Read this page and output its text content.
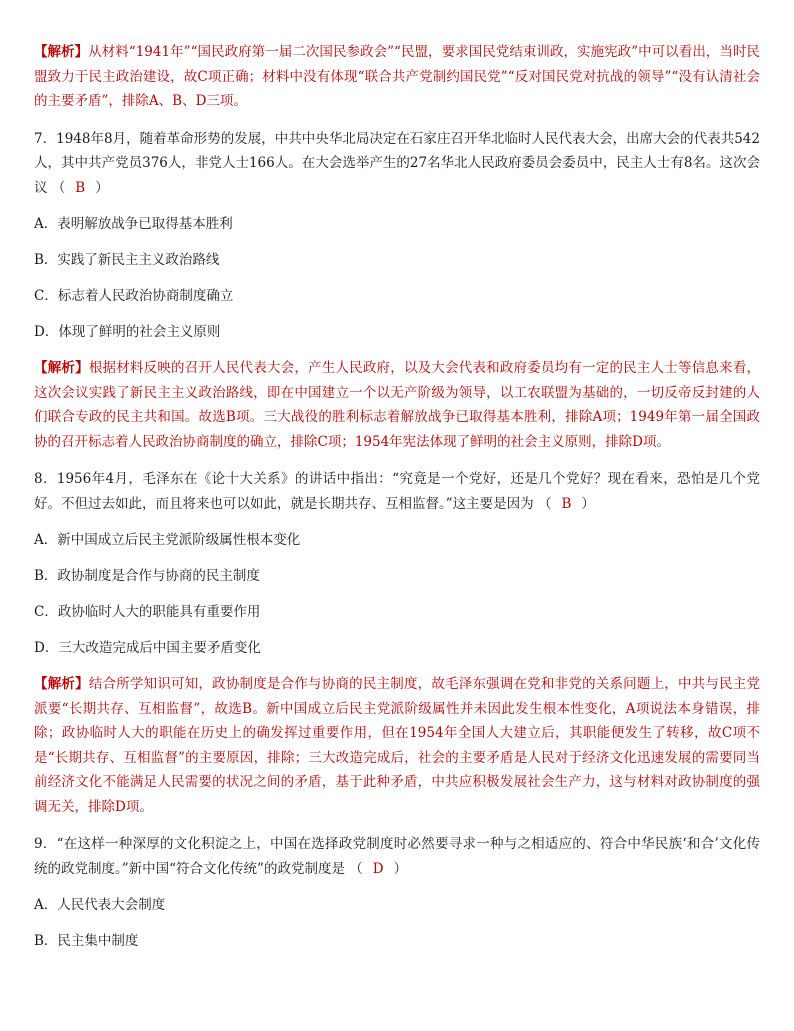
【解析】从材料“1941年”“国民政府第一届二次国民参政会”“民盟，要求国民党结束训政，实施宪政”中可以看出，当时民盟致力于民主政治建设，故C项正确；材料中没有体现“联合共产党制约国民党”“反对国民党对抗战的领导”“没有认清社会的主要矛盾”，排除A、B、D三项。

7．1948年8月，随着革命形势的发展，中共中央华北局决定在石家庄召开华北临时人民代表大会，出席大会的代表共542人，其中共产党员376人，非党人士166人。在大会选举产生的27名华北人民政府委员会委员中，民主人士有8名。这次会议 （ B ）

A．表明解放战争已取得基本胜利

B．实践了新民主主义政治路线

C．标志着人民政治协商制度确立

D．体现了鲜明的社会主义原则

【解析】根据材料反映的召开人民代表大会，产生人民政府，以及大会代表和政府委员均有一定的民主人士等信息来看，这次会议实践了新民主主义政治路线，即在中国建立一个以无产阶级为领导，以工农联盟为基础的，一切反帝反封建的人们联合专政的民主共和国。故选B项。三大战役的胜利标志着解放战争已取得基本胜利，排除A项；1949年第一届全国政协的召开标志着人民政治协商制度的确立，排除C项；1954年宪法体现了鲜明的社会主义原则，排除D项。

8．1956年4月，毛泽东在《论十大关系》的讲话中指出：“究竟是一个党好，还是几个党好？现在看来，恐怕是几个党好。不但过去如此，而且将来也可以如此，就是长期共存、互相监督。”这主要是因为 （ B ）

A．新中国成立后民主党派阶级属性根本变化

B．政协制度是合作与协商的民主制度

C．政协临时人大的职能具有重要作用

D．三大改造完成后中国主要矛盾变化

【解析】结合所学知识可知，政协制度是合作与协商的民主制度，故毛泽东强调在党和非党的关系问题上，中共与民主党派要“长期共存、互相监督”，故选B。新中国成立后民主党派阶级属性并未因此发生根本性变化，A项说法本身错误，排除；政协临时人大的职能在历史上的确发挥过重要作用，但在1954年全国人大建立后，其职能便发生了转移，故C项不是“长期共存、互相监督”的主要原因，排除；三大改造完成后，社会的主要矛盾是人民对于经济文化迅速发展的需要同当前经济文化不能满足人民需要的状况之间的矛盾，基于此种矛盾，中共应积极发展社会生产力，这与材料对政协制度的强调无关，排除D项。

9．“在这样一种深厚的文化积淀之上，中国在选择政党制度时必然要寻求一种与之相适应的、符合中华民族‘和合’文化传统的政党制度。”新中国“符合文化传统”的政党制度是 （ D ）

A．人民代表大会制度

B．民主集中制度
